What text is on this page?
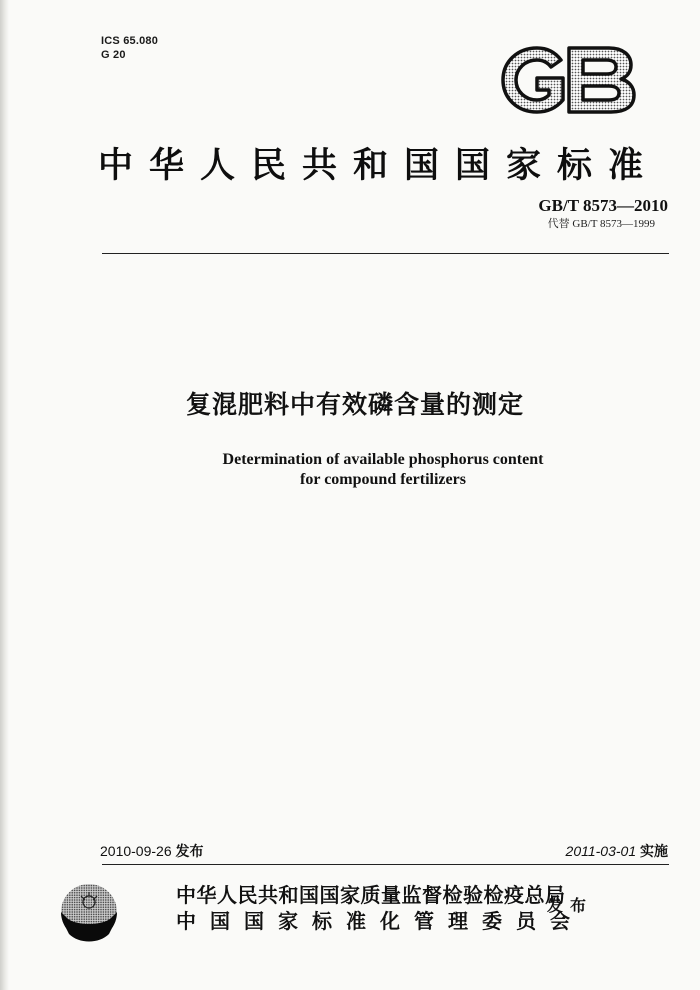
ICS 65.080
G 20
中华人民共和国国家标准
GB/T 8573—2010
代替 GB/T 8573—1999
复混肥料中有效磷含量的测定
Determination of available phosphorus content
for compound fertilizers
2010-09-26 发布	2011-03-01 实施
中华人民共和国国家质量监督检验检疫总局
中国国家标准化管理委员会
发布
